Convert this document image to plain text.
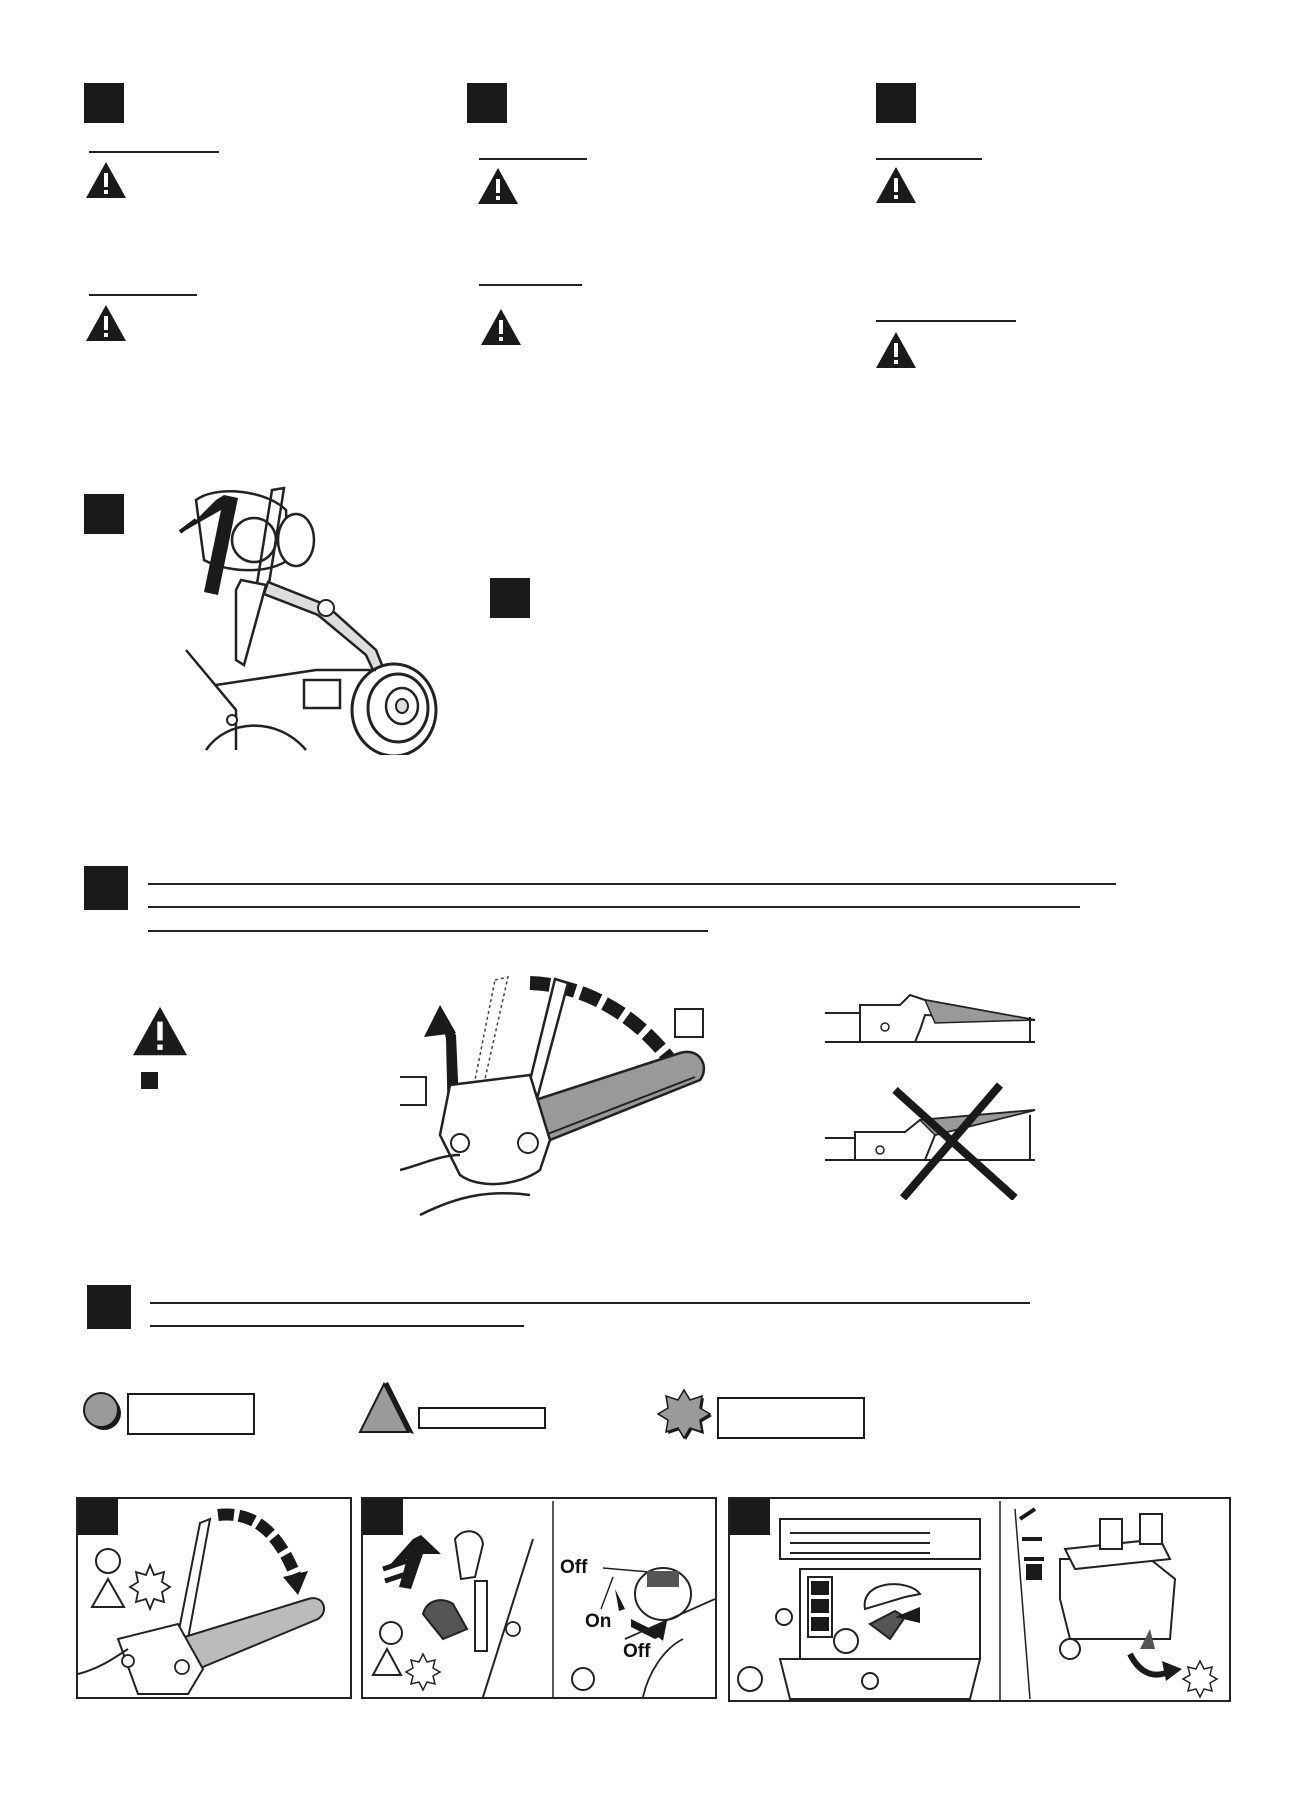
Off
On
Off
